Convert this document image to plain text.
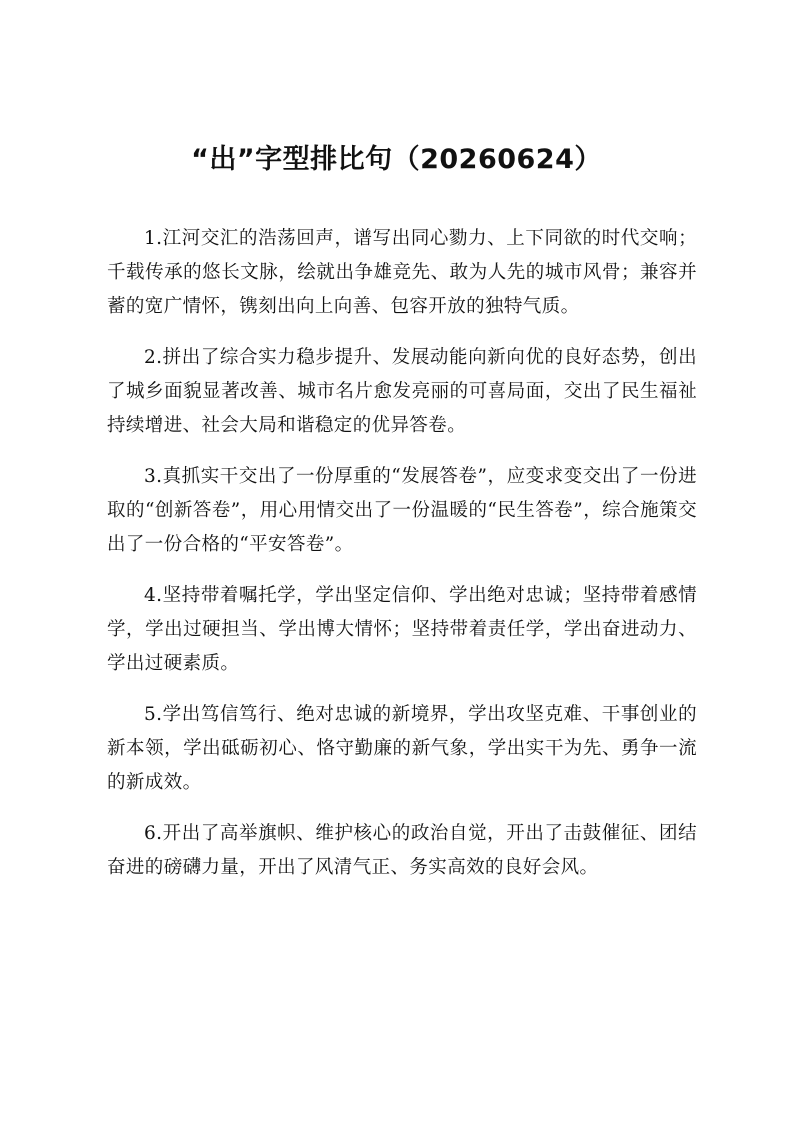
“出”字型排比句（20260624）

1.江河交汇的浩荡回声，谱写出同心勠力、上下同欲的时代交响；千载传承的悠长文脉，绘就出争雄竞先、敢为人先的城市风骨；兼容并蓄的宽广情怀，镌刻出向上向善、包容开放的独特气质。

2.拼出了综合实力稳步提升、发展动能向新向优的良好态势，创出了城乡面貌显著改善、城市名片愈发亮丽的可喜局面，交出了民生福祉持续增进、社会大局和谐稳定的优异答卷。

3.真抓实干交出了一份厚重的“发展答卷”，应变求变交出了一份进取的“创新答卷”，用心用情交出了一份温暖的“民生答卷”，综合施策交出了一份合格的“平安答卷”。

4.坚持带着嘱托学，学出坚定信仰、学出绝对忠诚；坚持带着感情学，学出过硬担当、学出博大情怀；坚持带着责任学，学出奋进动力、学出过硬素质。

5.学出笃信笃行、绝对忠诚的新境界，学出攻坚克难、干事创业的新本领，学出砥砺初心、恪守勤廉的新气象，学出实干为先、勇争一流的新成效。

6.开出了高举旗帜、维护核心的政治自觉，开出了击鼓催征、团结奋进的磅礴力量，开出了风清气正、务实高效的良好会风。
